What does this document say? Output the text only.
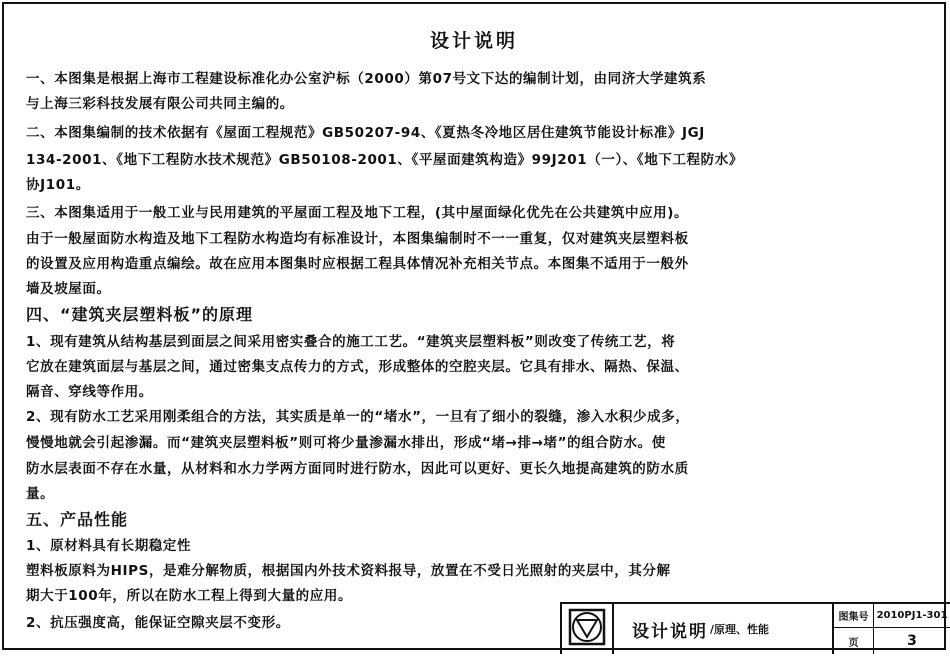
设计说明
一、本图集是根据上海市工程建设标准化办公室沪标（2000）第07号文下达的编制计划，由同济大学建筑系
与上海三彩科技发展有限公司共同主编的。
二、本图集编制的技术依据有《屋面工程规范》GB50207-94、《夏热冬冷地区居住建筑节能设计标准》JGJ
134-2001、《地下工程防水技术规范》GB50108-2001、《平屋面建筑构造》99J201（一）、《地下工程防水》
协J101。
三、本图集适用于一般工业与民用建筑的平屋面工程及地下工程，(其中屋面绿化优先在公共建筑中应用)。
由于一般屋面防水构造及地下工程防水构造均有标准设计，本图集编制时不一一重复，仅对建筑夹层塑料板
的设置及应用构造重点编绘。故在应用本图集时应根据工程具体情况补充相关节点。本图集不适用于一般外
墙及坡屋面。
四、“建筑夹层塑料板”的原理
1、现有建筑从结构基层到面层之间采用密实叠合的施工工艺。“建筑夹层塑料板”则改变了传统工艺，将
它放在建筑面层与基层之间，通过密集支点传力的方式，形成整体的空腔夹层。它具有排水、隔热、保温、
隔音、穿线等作用。
2、现有防水工艺采用刚柔组合的方法，其实质是单一的“堵水”，一旦有了细小的裂缝，渗入水积少成多，
慢慢地就会引起渗漏。而“建筑夹层塑料板”则可将少量渗漏水排出，形成“堵→排→堵”的组合防水。使
防水层表面不存在水量，从材料和水力学两方面同时进行防水，因此可以更好、更长久地提高建筑的防水质
量。
五、产品性能
1、原材料具有长期稳定性
塑料板原料为HIPS，是难分解物质，根据国内外技术资料报导，放置在不受日光照射的夹层中，其分解
期大于100年，所以在防水工程上得到大量的应用。
2、抗压强度高，能保证空隙夹层不变形。	设计说明 /原理、性能
图集号 2010PJ1-301
页	3
